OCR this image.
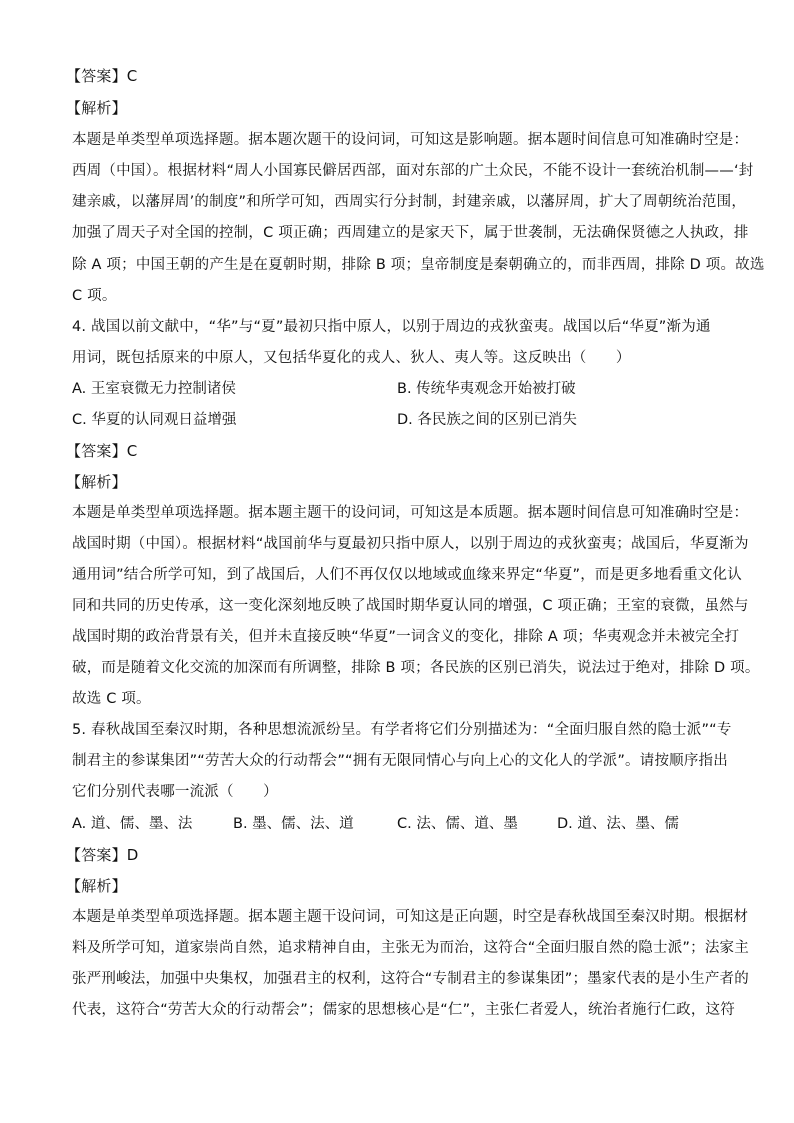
【答案】C
【解析】
本题是单类型单项选择题。据本题次题干的设问词，可知这是影响题。据本题时间信息可知准确时空是：
西周（中国）。根据材料“周人小国寡民僻居西部，面对东部的广土众民，不能不设计一套统治机制——‘封
建亲戚，以藩屏周’的制度”和所学可知，西周实行分封制，封建亲戚，以藩屏周，扩大了周朝统治范围，
加强了周天子对全国的控制，C 项正确；西周建立的是家天下，属于世袭制，无法确保贤德之人执政，排
除 A 项；中国王朝的产生是在夏朝时期，排除 B 项；皇帝制度是秦朝确立的，而非西周，排除 D 项。故选
C 项。
4. 战国以前文献中，“华”与“夏”最初只指中原人，以别于周边的戎狄蛮夷。战国以后“华夏”渐为通
用词，既包括原来的中原人，又包括华夏化的戎人、狄人、夷人等。这反映出（　　）
A. 王室衰微无力控制诸侯	B. 传统华夷观念开始被打破
C. 华夏的认同观日益增强	D. 各民族之间的区别已消失
【答案】C
【解析】
本题是单类型单项选择题。据本题主题干的设问词，可知这是本质题。据本题时间信息可知准确时空是：
战国时期（中国）。根据材料“战国前华与夏最初只指中原人，以别于周边的戎狄蛮夷；战国后，华夏渐为
通用词”结合所学可知，到了战国后，人们不再仅仅以地域或血缘来界定“华夏”，而是更多地看重文化认
同和共同的历史传承，这一变化深刻地反映了战国时期华夏认同的增强，C 项正确；王室的衰微，虽然与
战国时期的政治背景有关，但并未直接反映“华夏”一词含义的变化，排除 A 项；华夷观念并未被完全打
破，而是随着文化交流的加深而有所调整，排除 B 项；各民族的区别已消失，说法过于绝对，排除 D 项。
故选 C 项。
5. 春秋战国至秦汉时期，各种思想流派纷呈。有学者将它们分别描述为：“全面归服自然的隐士派”“专
制君主的参谋集团”“劳苦大众的行动帮会”“拥有无限同情心与向上心的文化人的学派”。请按顺序指出
它们分别代表哪一流派（　　）
A. 道、儒、墨、法	B. 墨、儒、法、道	C. 法、儒、道、墨	D. 道、法、墨、儒
【答案】D
【解析】
本题是单类型单项选择题。据本题主题干设问词，可知这是正向题，时空是春秋战国至秦汉时期。根据材
料及所学可知，道家崇尚自然，追求精神自由，主张无为而治，这符合“全面归服自然的隐士派”；法家主
张严刑峻法，加强中央集权，加强君主的权利，这符合“专制君主的参谋集团”；墨家代表的是小生产者的
代表，这符合“劳苦大众的行动帮会”；儒家的思想核心是“仁”，主张仁者爱人，统治者施行仁政，这符
